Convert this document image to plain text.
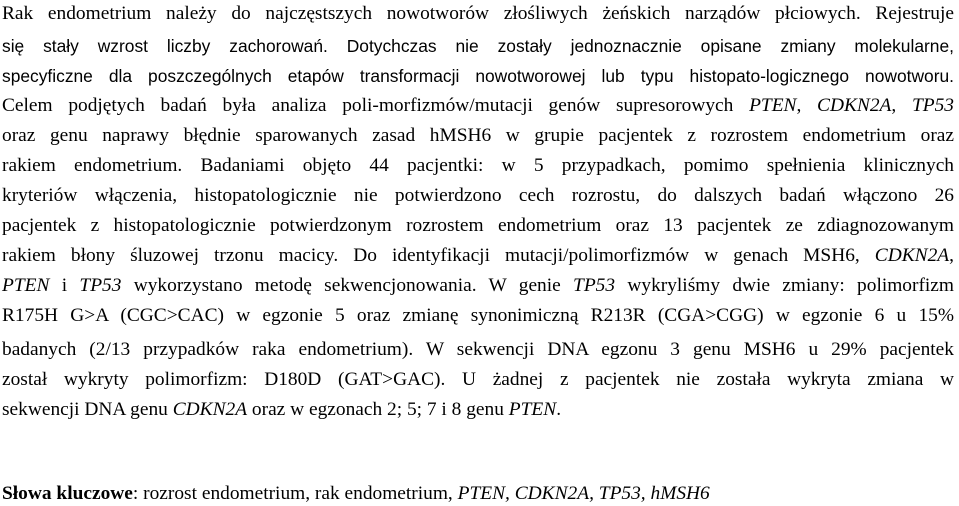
Rak endometrium należy do najczęstszych nowotworów złośliwych żeńskich narządów płciowych. Rejestruje
się stały wzrost liczby zachorowań. Dotychczas nie zostały jednoznacznie opisane zmiany molekularne,
specyficzne dla poszczególnych etapów transformacji nowotworowej lub typu histopato-logicznego nowotworu.
Celem podjętych badań była analiza poli-morfizmów/mutacji genów supresorowych PTEN, CDKN2A, TP53
oraz genu naprawy błędnie sparowanych zasad hMSH6 w grupie pacjentek z rozrostem endometrium oraz
rakiem endometrium. Badaniami objęto 44 pacjentki: w 5 przypadkach, pomimo spełnienia klinicznych
kryteriów włączenia, histopatologicznie nie potwierdzono cech rozrostu, do dalszych badań włączono 26
pacjentek z histopatologicznie potwierdzonym rozrostem endometrium oraz 13 pacjentek ze zdiagnozowanym
rakiem błony śluzowej trzonu macicy. Do identyfikacji mutacji/polimorfizmów w genach MSH6, CDKN2A,
PTEN i TP53 wykorzystano metodę sekwencjonowania. W genie TP53 wykryliśmy dwie zmiany: polimorfizm
R175H G>A (CGC>CAC) w egzonie 5 oraz zmianę synonimiczną R213R (CGA>CGG) w egzonie 6 u 15%
badanych (2/13 przypadków raka endometrium). W sekwencji DNA egzonu 3 genu MSH6 u 29% pacjentek
został wykryty polimorfizm: D180D (GAT>GAC). U żadnej z pacjentek nie została wykryta zmiana w
sekwencji DNA genu CDKN2A oraz w egzonach 2; 5; 7 i 8 genu PTEN.
Słowa kluczowe: rozrost endometrium, rak endometrium, PTEN, CDKN2A, TP53, hMSH6
